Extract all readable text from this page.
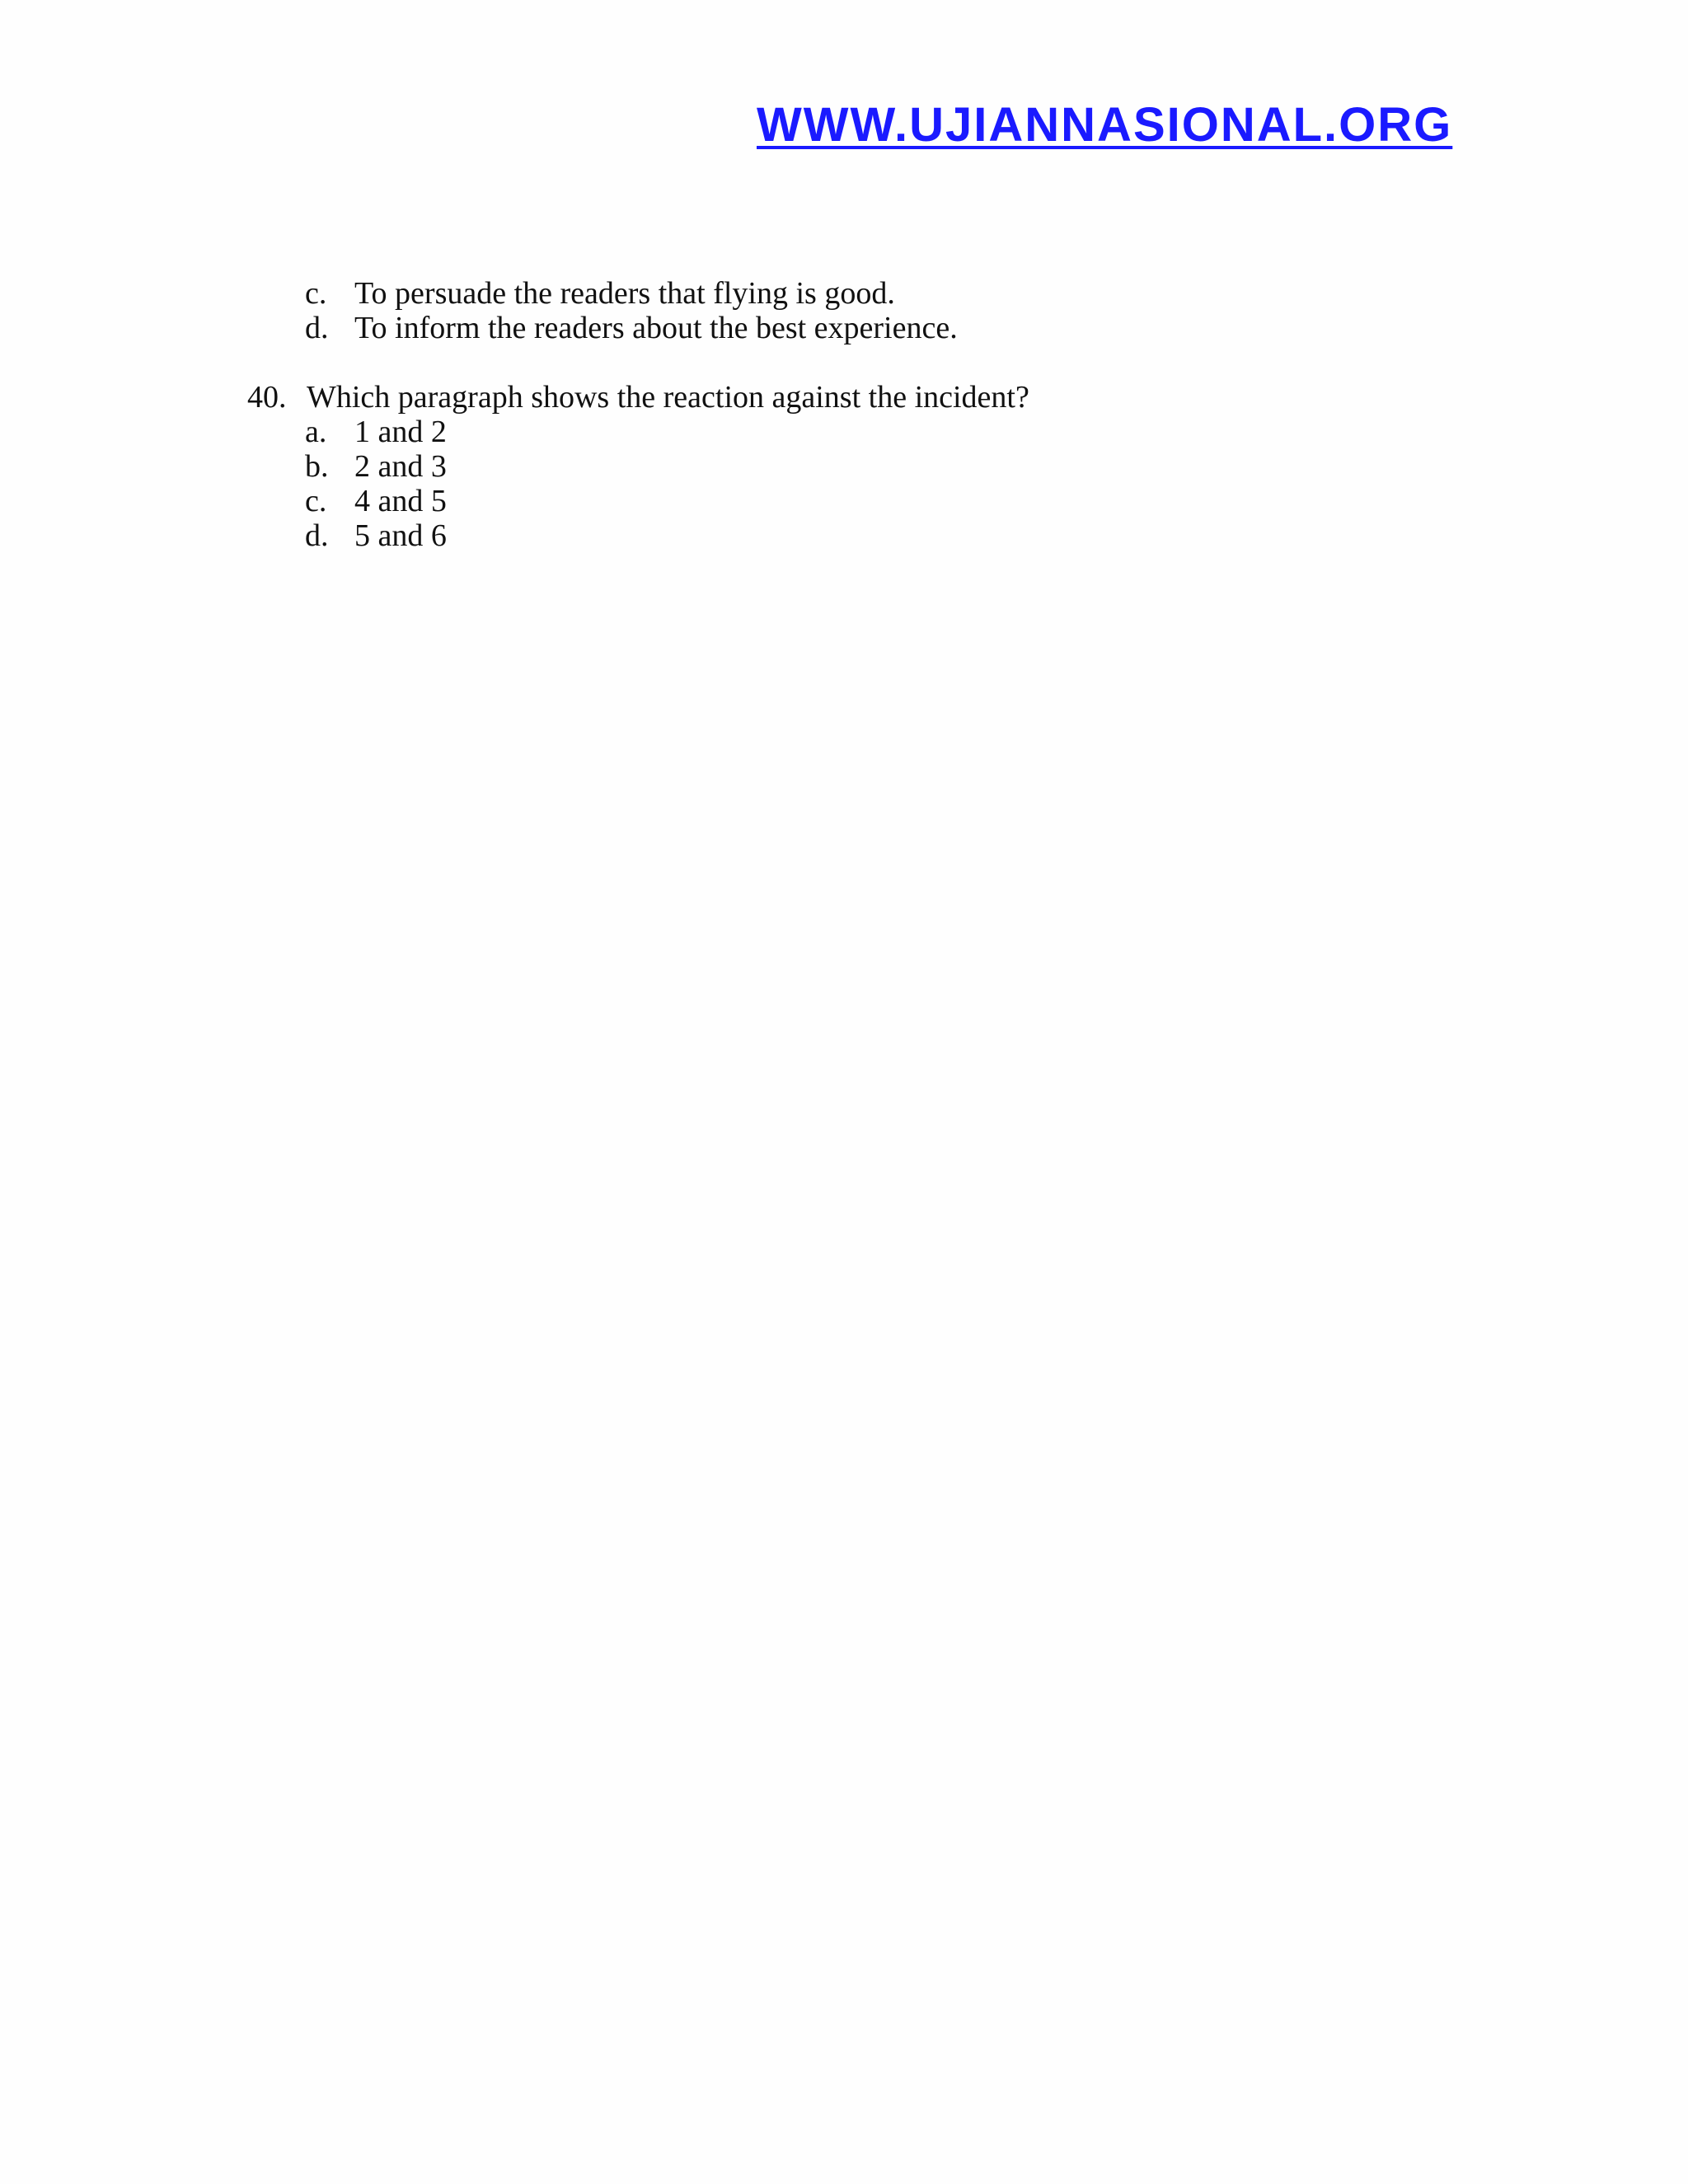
WWW.UJIANNASIONAL.ORG
c. To persuade the readers that flying is good.
d. To inform the readers about the best experience.
40. Which paragraph shows the reaction against the incident?
a. 1 and 2
b. 2 and 3
c. 4 and 5
d. 5 and 6
